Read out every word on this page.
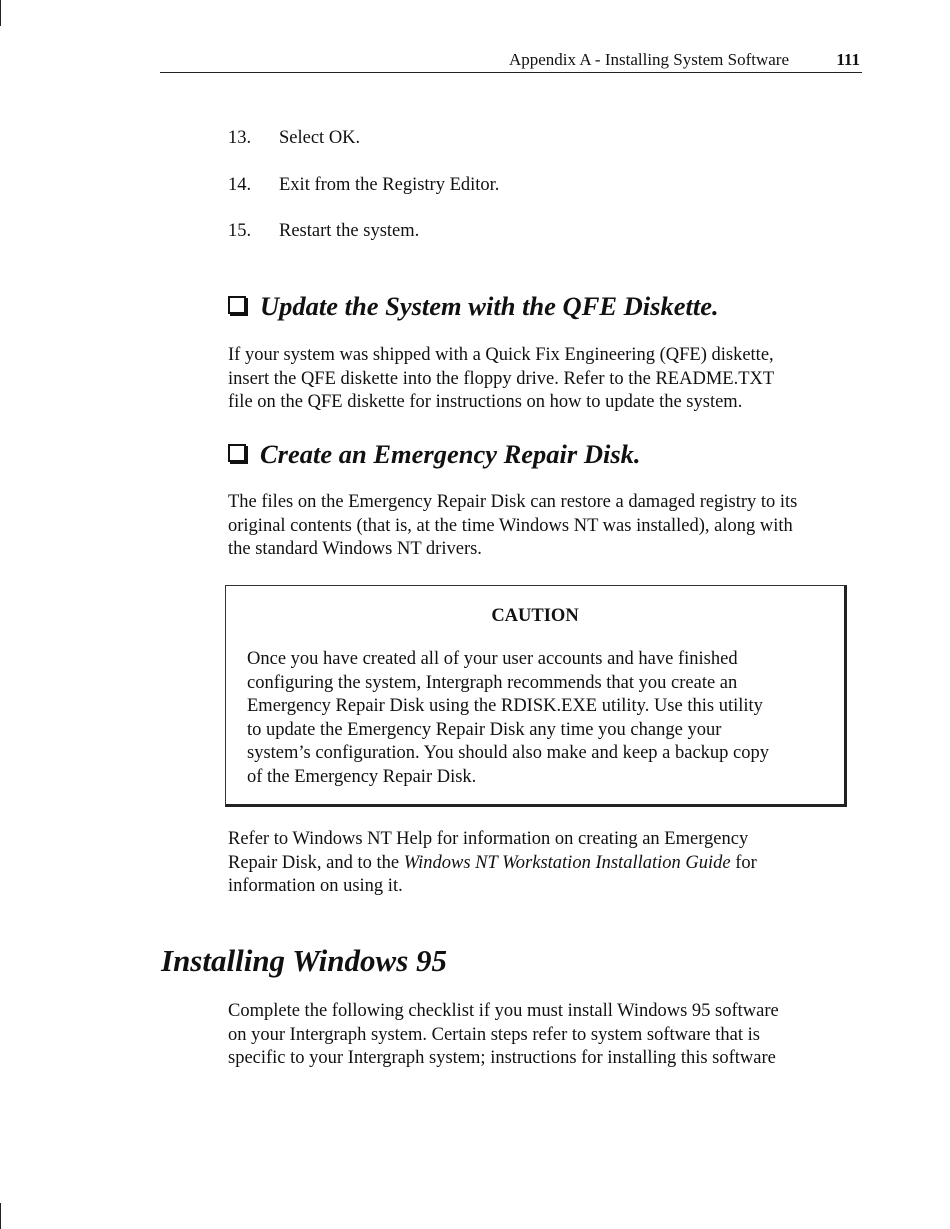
Appendix A - Installing System Software	111
13. Select OK.
14. Exit from the Registry Editor.
15. Restart the system.
Update the System with the QFE Diskette.
If your system was shipped with a Quick Fix Engineering (QFE) diskette,
insert the QFE diskette into the floppy drive. Refer to the README.TXT
file on the QFE diskette for instructions on how to update the system.
Create an Emergency Repair Disk.
The files on the Emergency Repair Disk can restore a damaged registry to its
original contents (that is, at the time Windows NT was installed), along with
the standard Windows NT drivers.
CAUTION
Once you have created all of your user accounts and have finished
configuring the system, Intergraph recommends that you create an
Emergency Repair Disk using the RDISK.EXE utility. Use this utility
to update the Emergency Repair Disk any time you change your
system’s configuration. You should also make and keep a backup copy
of the Emergency Repair Disk.
Refer to Windows NT Help for information on creating an Emergency
Repair Disk, and to the Windows NT Workstation Installation Guide for
information on using it.
Installing Windows 95
Complete the following checklist if you must install Windows 95 software
on your Intergraph system. Certain steps refer to system software that is
specific to your Intergraph system; instructions for installing this software
